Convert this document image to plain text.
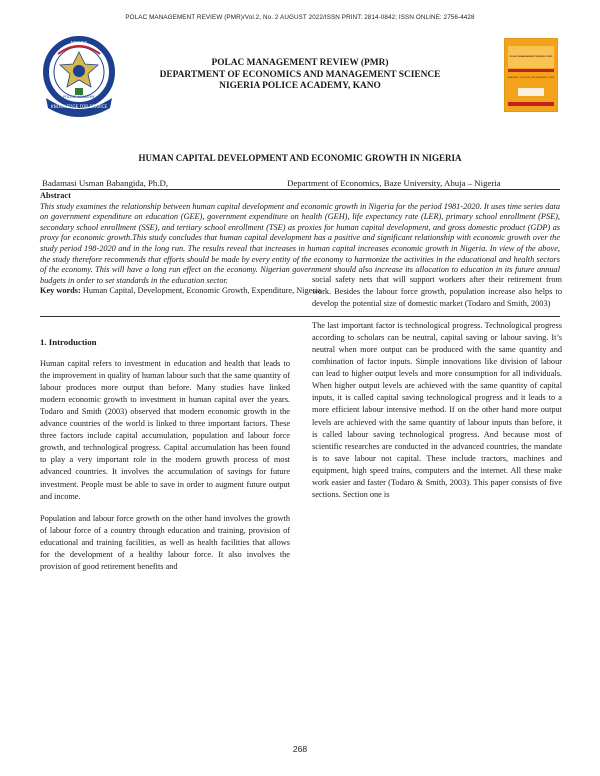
POLAC MANAGEMENT REVIEW (PMR)/Vol.2, No. 2 AUGUST 2022/ISSN PRINT: 2814-0842; ISSN ONLINE: 2756-4428
KNOWLEDGE FOR SERVICE
NIGERIA
POLICE ACADEMY
POLAC MANAGEMENT REVIEW (PMR)
DEPARTMENT OF ECONOMICS AND MANAGEMENT SCIENCE
NIGERIA POLICE ACADEMY, KANO
POLAC MANAGEMENT REVIEW (PMR)
DEPARTMENT OF ECONOMICS AND MANAGEMENT SCIENCE
HUMAN CAPITAL DEVELOPMENT AND ECONOMIC GROWTH IN NIGERIA
Badamasi Usman Babangida, Ph.D,	Department of Economics, Baze University, Abuja – Nigeria
Abstract
This study examines the relationship between human capital development and economic growth in Nigeria for the period 1981-2020. It uses time series data on government expenditure on education (GEE), government expenditure on health (GEH), life expectancy rate (LER), primary school enrollment (PSE), secondary school enrollment (SSE), and tertiary school enrollment (TSE) as proxies for human capital development, and gross domestic product (GDP) as proxy for economic growth.This study concludes that human capital development has a positive and significant relationship with economic growth over the study period 198-2020 and in the long run. The results reveal that increases in human capital increases economic growth in Nigeria. In view of the above, the study therefore recommends that efforts should be made by every entity of the economy to harmonize the activities in the educational and health sectors of the economy. This will have a long run effect on the economy. Nigerian government should also increase its allocation to education in its future annual budgets in order to set standards in the education sector.
Key words: Human Capital, Development, Economic Growth, Expenditure, Nigeria
1. Introduction

Human capital refers to investment in education and health that leads to the improvement in quality of human labour such that the same quantity of labour produces more output than before. Many studies have linked modern economic growth to investment in human capital over the years. Todaro and Smith (2003) observed that modern economic growth in the advance countries of the world is linked to three important factors. These three factors include capital accumulation, population and labour force growth, and technological progress. Capital accumulation has been found to play a very important role in the modern growth process of most advanced countries. It involves the accumulation of savings for future investment. People must be able to save in order to augment future output and income.

Population and labour force growth on the other hand involves the growth of labour force of a country through education and training, provision of educational and training facilities, as well as health facilities that allows for the development of a healthy labour force. It also involves the provision of good retirement benefits and

social safety nets that will support workers after their retirement from work. Besides the labour force growth, population increase also helps to develop the potential size of domestic market (Todaro and Smith, 2003)

The last important factor is technological progress. Technological progress according to scholars can be neutral, capital saving or labour saving. It’s neutral when more output can be produced with the same quantity and combination of factor inputs. Simple innovations like division of labour can lead to higher output levels and more consumption for all individuals. When higher output levels are achieved with the same quantity of capital inputs, it is called capital saving technological progress and it leads to a more efficient labour intensive method. If on the other hand more output levels are achieved with the same quantity of labour inputs than before, it is called labour saving technological progress. And because most of scientific researches are conducted in the advanced countries, the mandate is to save labour not capital. These include tractors, machines and equipment, high speed trains, computers and the internet. All these make work easier and faster (Todaro & Smith, 2003). This paper consists of five sections. Section one is

268
